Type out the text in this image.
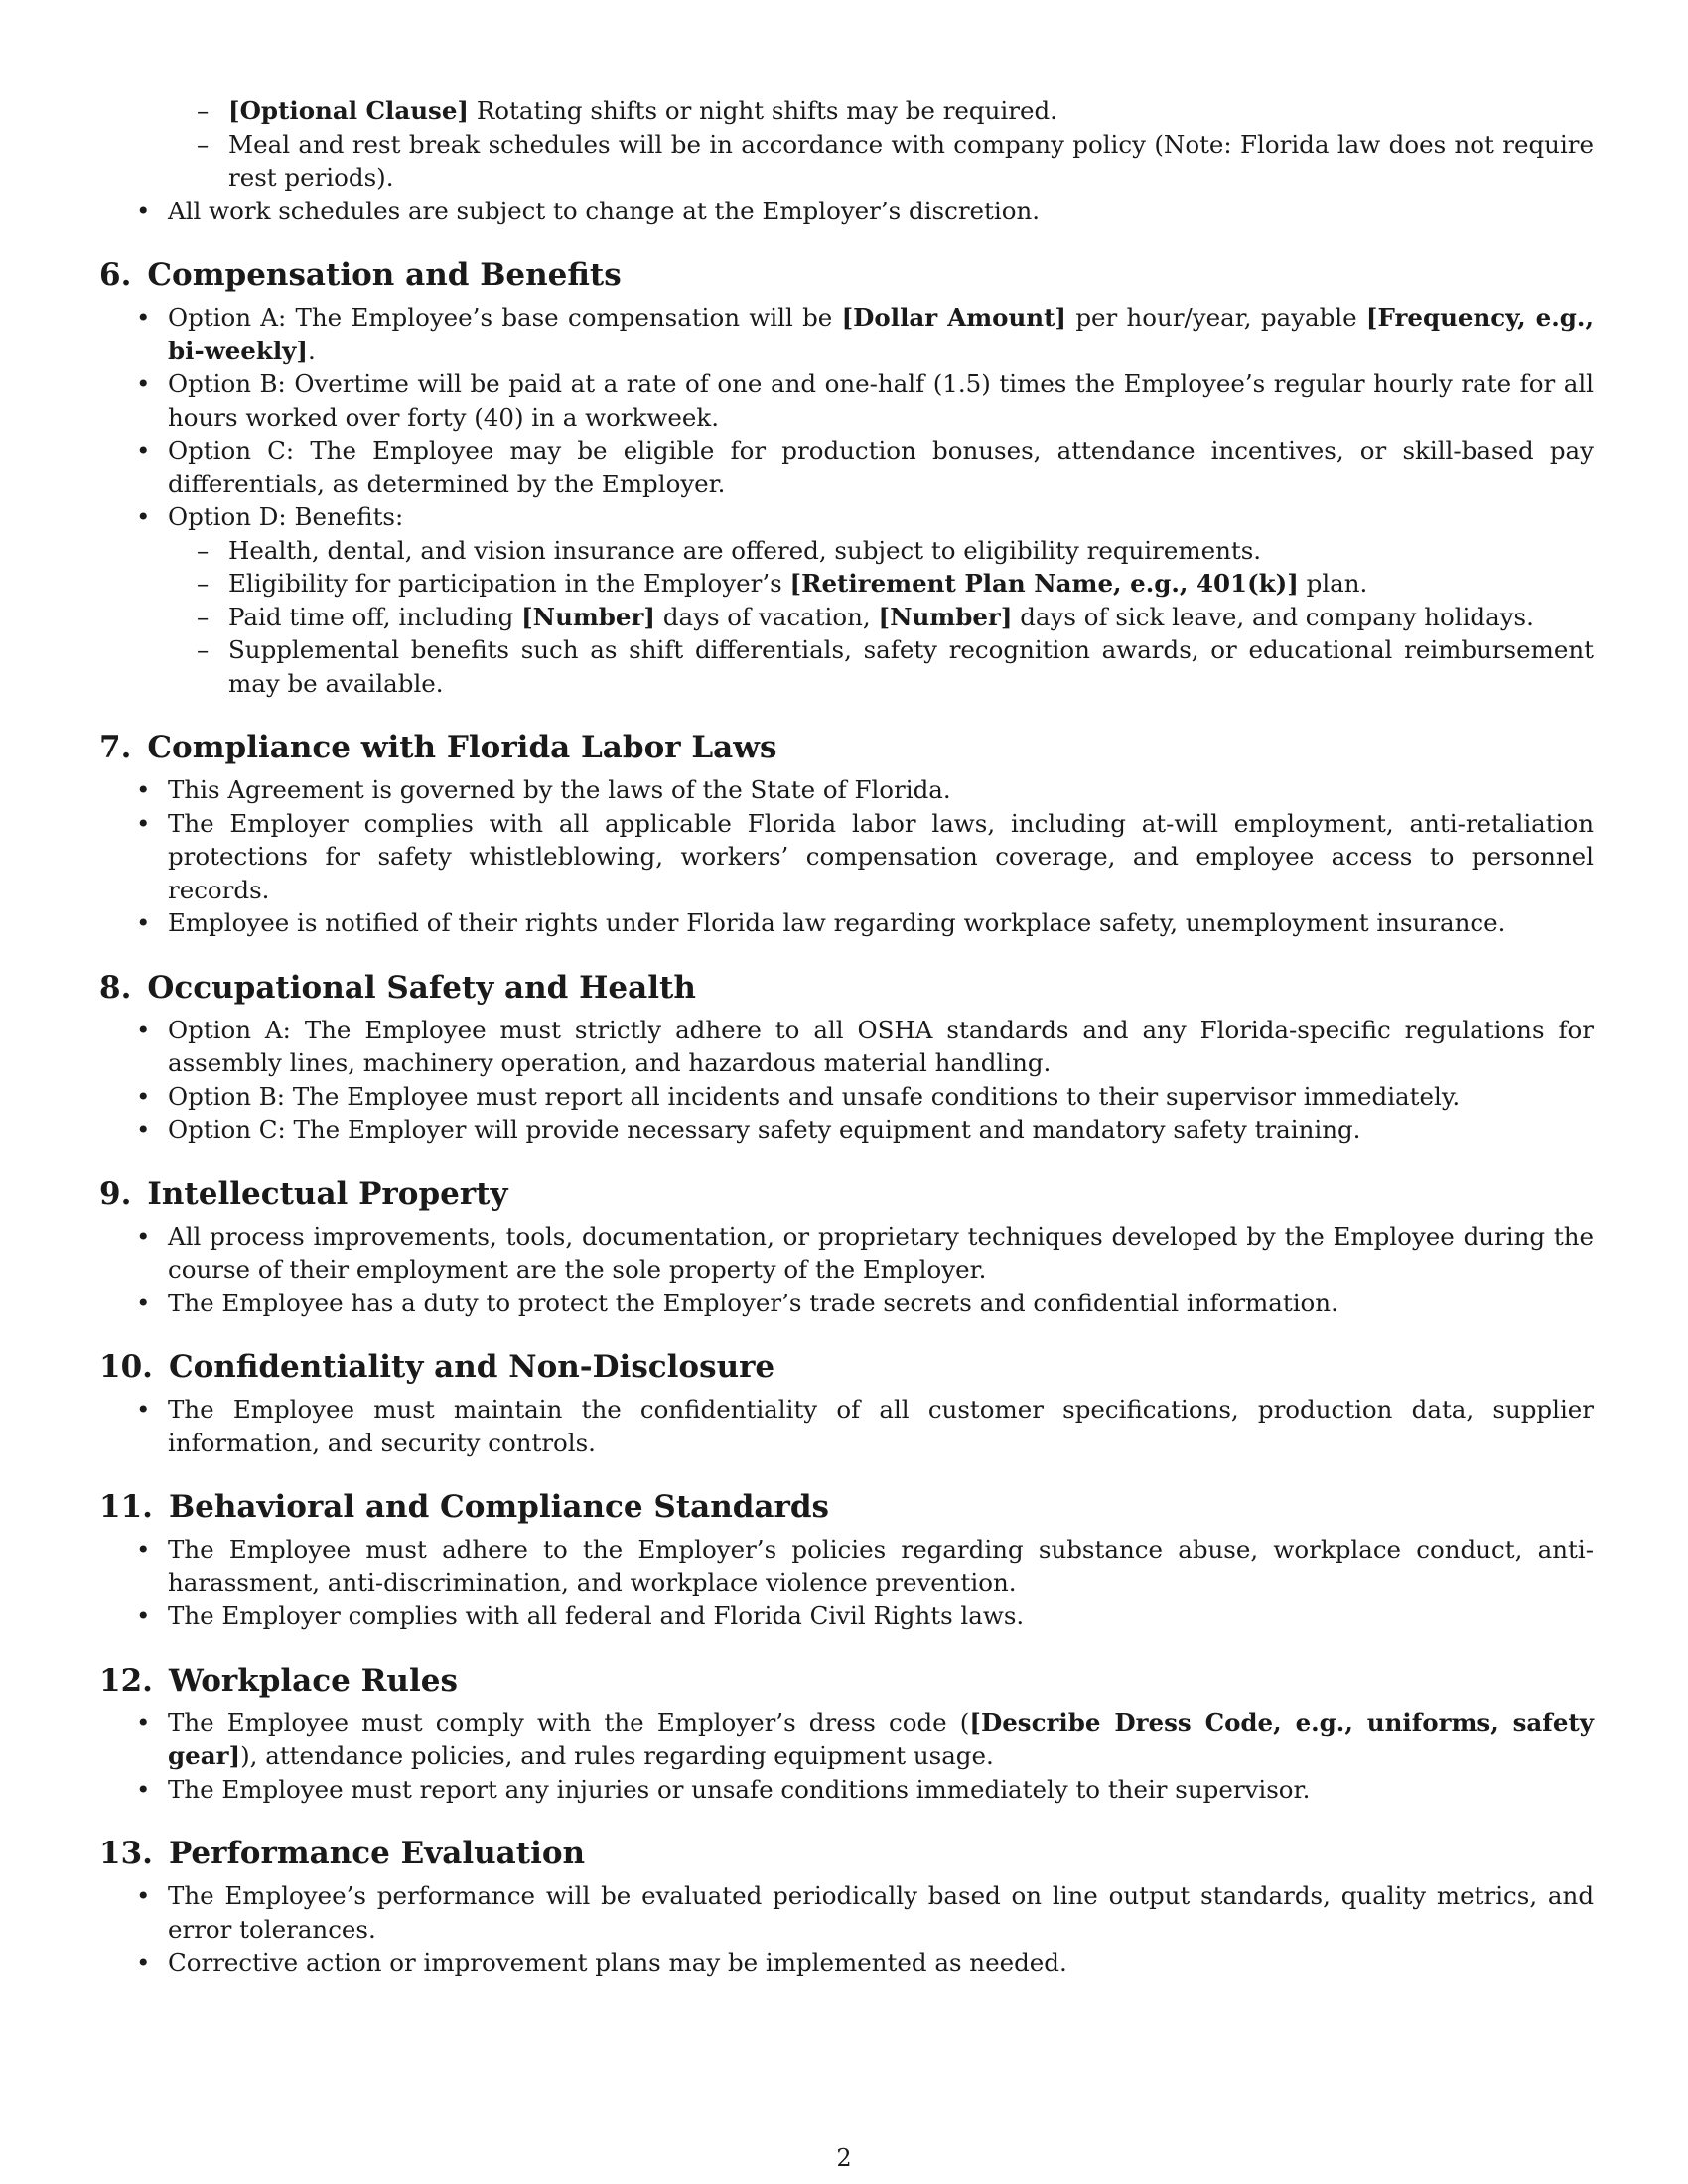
– [Optional Clause] Rotating shifts or night shifts may be required.
– Meal and rest break schedules will be in accordance with company policy (Note: Florida law does not require rest periods).
• All work schedules are subject to change at the Employer’s discretion.
6. Compensation and Benefits
• Option A: The Employee’s base compensation will be [Dollar Amount] per hour/year, payable [Frequency, e.g., bi-weekly].
• Option B: Overtime will be paid at a rate of one and one-half (1.5) times the Employee’s regular hourly rate for all hours worked over forty (40) in a workweek.
• Option C: The Employee may be eligible for production bonuses, attendance incentives, or skill-based pay differentials, as determined by the Employer.
• Option D: Benefits:
– Health, dental, and vision insurance are offered, subject to eligibility requirements.
– Eligibility for participation in the Employer’s [Retirement Plan Name, e.g., 401(k)] plan.
– Paid time off, including [Number] days of vacation, [Number] days of sick leave, and company holidays.
– Supplemental benefits such as shift differentials, safety recognition awards, or educational reimbursement may be available.
7. Compliance with Florida Labor Laws
• This Agreement is governed by the laws of the State of Florida.
• The Employer complies with all applicable Florida labor laws, including at-will employment, anti-retaliation protections for safety whistleblowing, workers’ compensation coverage, and employee access to personnel records.
• Employee is notified of their rights under Florida law regarding workplace safety, unemployment insurance.
8. Occupational Safety and Health
• Option A: The Employee must strictly adhere to all OSHA standards and any Florida-specific regulations for assembly lines, machinery operation, and hazardous material handling.
• Option B: The Employee must report all incidents and unsafe conditions to their supervisor immediately.
• Option C: The Employer will provide necessary safety equipment and mandatory safety training.
9. Intellectual Property
• All process improvements, tools, documentation, or proprietary techniques developed by the Employee during the course of their employment are the sole property of the Employer.
• The Employee has a duty to protect the Employer’s trade secrets and confidential information.
10. Confidentiality and Non-Disclosure
• The Employee must maintain the confidentiality of all customer specifications, production data, supplier information, and security controls.
11. Behavioral and Compliance Standards
• The Employee must adhere to the Employer’s policies regarding substance abuse, workplace conduct, anti-harassment, anti-discrimination, and workplace violence prevention.
• The Employer complies with all federal and Florida Civil Rights laws.
12. Workplace Rules
• The Employee must comply with the Employer’s dress code ([Describe Dress Code, e.g., uniforms, safety gear]), attendance policies, and rules regarding equipment usage.
• The Employee must report any injuries or unsafe conditions immediately to their supervisor.
13. Performance Evaluation
• The Employee’s performance will be evaluated periodically based on line output standards, quality metrics, and error tolerances.
• Corrective action or improvement plans may be implemented as needed.
2
